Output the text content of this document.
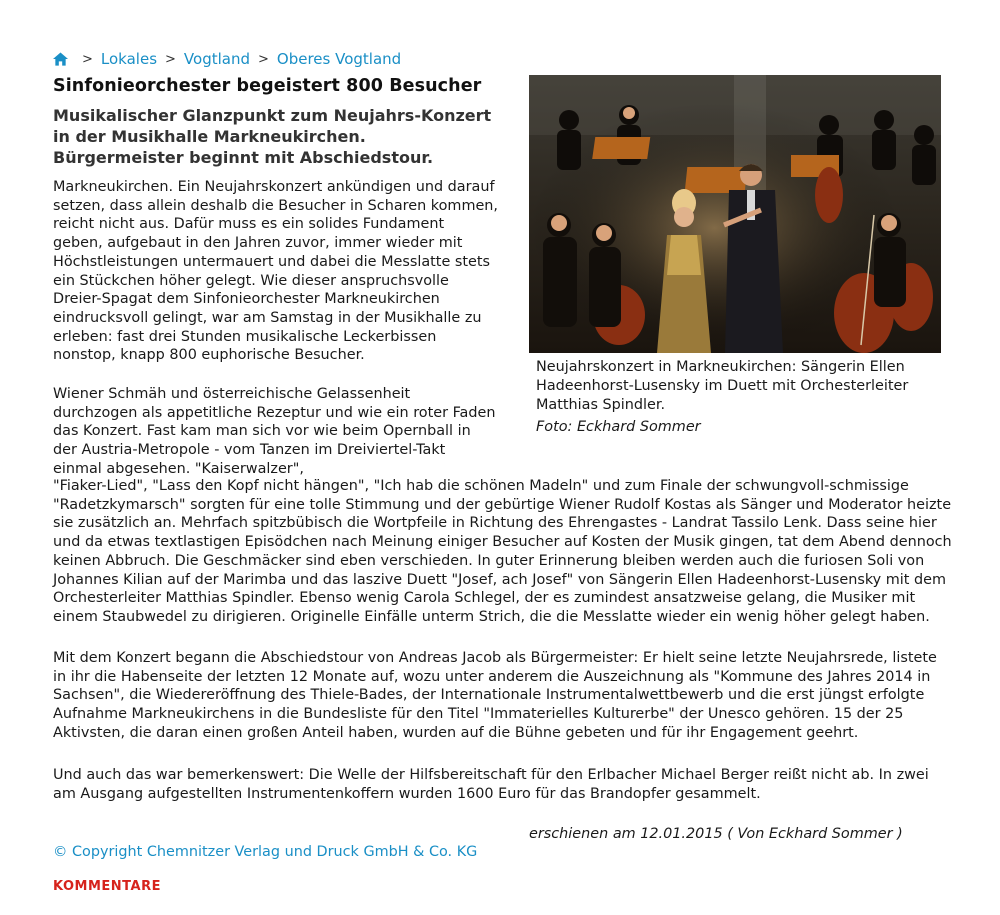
> Lokales > Vogtland > Oberes Vogtland
Sinfonieorchester begeistert 800 Besucher

Musikalischer Glanzpunkt zum Neujahrs-Konzert in der Musikhalle Markneukirchen. Bürgermeister beginnt mit Abschiedstour.

Markneukirchen. Ein Neujahrskonzert ankündigen und darauf setzen, dass allein deshalb die Besucher in Scharen kommen, reicht nicht aus. Dafür muss es ein solides Fundament geben, aufgebaut in den Jahren zuvor, immer wieder mit Höchstleistungen untermauert und dabei die Messlatte stets ein Stückchen höher gelegt. Wie dieser anspruchsvolle Dreier-Spagat dem Sinfonieorchester Markneukirchen eindrucksvoll gelingt, war am Samstag in der Musikhalle zu erleben: fast drei Stunden musikalische Leckerbissen nonstop, knapp 800 euphorische Besucher.

Neujahrskonzert in Markneukirchen: Sängerin Ellen Hadeenhorst-Lusensky im Duett mit Orchesterleiter Matthias Spindler.

Foto: Eckhard Sommer

Wiener Schmäh und österreichische Gelassenheit durchzogen als appetitliche Rezeptur und wie ein roter Faden das Konzert. Fast kam man sich vor wie beim Opernball in der Austria-Metropole - vom Tanzen im Dreiviertel-Takt einmal abgesehen. "Kaiserwalzer",

"Fiaker-Lied", "Lass den Kopf nicht hängen", "Ich hab die schönen Madeln" und zum Finale der schwungvoll-schmissige "Radetzkymarsch" sorgten für eine tolle Stimmung und der gebürtige Wiener Rudolf Kostas als Sänger und Moderator heizte sie zusätzlich an. Mehrfach spitzbübisch die Wortpfeile in Richtung des Ehrengastes - Landrat Tassilo Lenk. Dass seine hier und da etwas textlastigen Episödchen nach Meinung einiger Besucher auf Kosten der Musik gingen, tat dem Abend dennoch keinen Abbruch. Die Geschmäcker sind eben verschieden. In guter Erinnerung bleiben werden auch die furiosen Soli von Johannes Kilian auf der Marimba und das laszive Duett "Josef, ach Josef" von Sängerin Ellen Hadeenhorst-Lusensky mit dem Orchesterleiter Matthias Spindler. Ebenso wenig Carola Schlegel, der es zumindest ansatzweise gelang, die Musiker mit einem Staubwedel zu dirigieren. Originelle Einfälle unterm Strich, die die Messlatte wieder ein wenig höher gelegt haben.

Mit dem Konzert begann die Abschiedstour von Andreas Jacob als Bürgermeister: Er hielt seine letzte Neujahrsrede, listete in ihr die Habenseite der letzten 12 Monate auf, wozu unter anderem die Auszeichnung als "Kommune des Jahres 2014 in Sachsen", die Wiedereröffnung des Thiele-Bades, der Internationale Instrumentalwettbewerb und die erst jüngst erfolgte Aufnahme Markneukirchens in die Bundesliste für den Titel "Immaterielles Kulturerbe" der Unesco gehören. 15 der 25 Aktivsten, die daran einen großen Anteil haben, wurden auf die Bühne gebeten und für ihr Engagement geehrt.

Und auch das war bemerkenswert: Die Welle der Hilfsbereitschaft für den Erlbacher Michael Berger reißt nicht ab. In zwei am Ausgang aufgestellten Instrumentenkoffern wurden 1600 Euro für das Brandopfer gesammelt.

erschienen am 12.01.2015 ( Von Eckhard Sommer )
© Copyright Chemnitzer Verlag und Druck GmbH & Co. KG
KOMMENTARE
